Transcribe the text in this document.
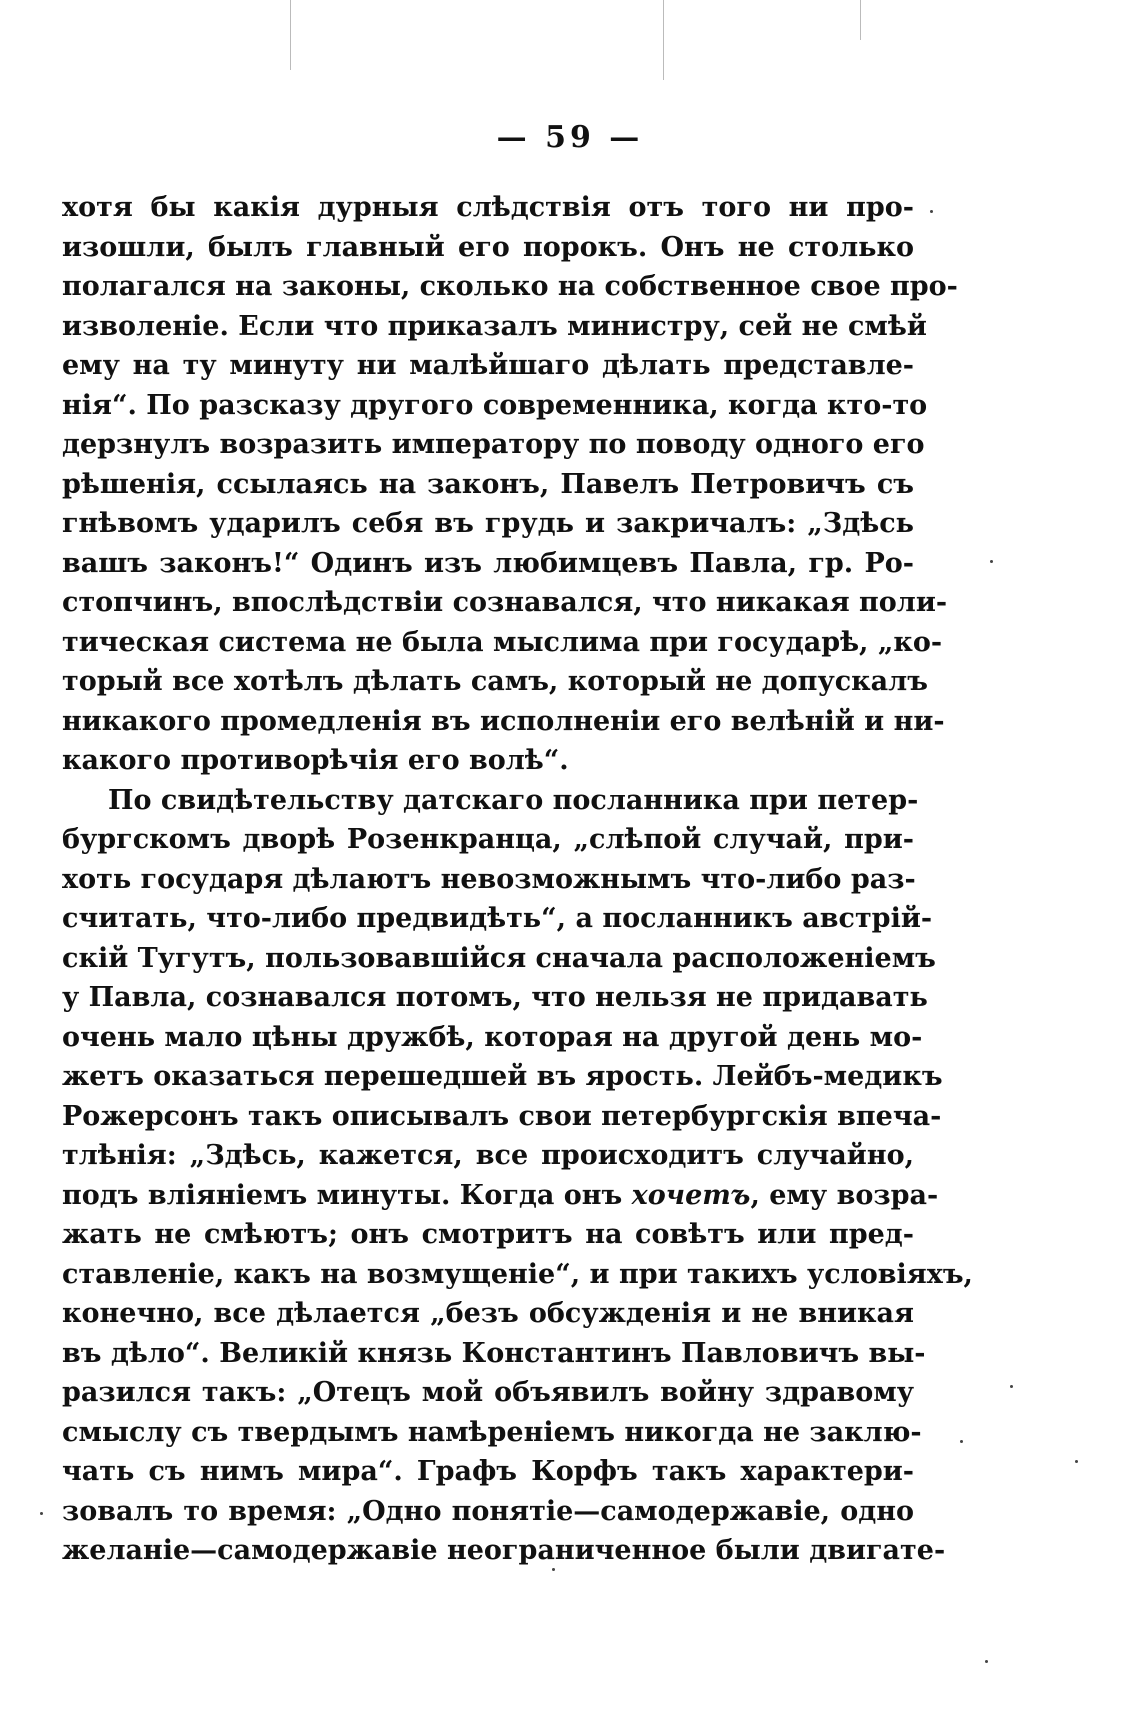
— 59 —
хотя бы какія дурныя слѣдствія отъ того ни про-
изошли, былъ главный его порокъ. Онъ не столько
полагался на законы, сколько на собственное свое про-
изволеніе. Если что приказалъ министру, сей не смѣй
ему на ту минуту ни малѣйшаго дѣлать представле-
нія“. По разсказу другого современника, когда кто-то
дерзнулъ возразить императору по поводу одного его
рѣшенія, ссылаясь на законъ, Павелъ Петровичъ съ
гнѣвомъ ударилъ себя въ грудь и закричалъ: „Здѣсь
вашъ законъ!“ Одинъ изъ любимцевъ Павла, гр. Ро-
стопчинъ, впослѣдствіи сознавался, что никакая поли-
тическая система не была мыслима при государѣ, „ко-
торый все хотѣлъ дѣлать самъ, который не допускалъ
никакого промедленія въ исполненіи его велѣній и ни-
какого противорѣчія его волѣ“.
По свидѣтельству датскаго посланника при петер-
бургскомъ дворѣ Розенкранца, „слѣпой случай, при-
хоть государя дѣлаютъ невозможнымъ что-либо раз-
считать, что-либо предвидѣть“, а посланникъ австрій-
скій Тугутъ, пользовавшійся сначала расположеніемъ
у Павла, сознавался потомъ, что нельзя не придавать
очень мало цѣны дружбѣ, которая на другой день мо-
жетъ оказаться перешедшей въ ярость. Лейбъ-медикъ
Рожерсонъ такъ описывалъ свои петербургскія впеча-
тлѣнія: „Здѣсь, кажется, все происходитъ случайно,
подъ вліяніемъ минуты. Когда онъ хочетъ, ему возра-
жать не смѣютъ; онъ смотритъ на совѣтъ или пред-
ставленіе, какъ на возмущеніе“, и при такихъ условіяхъ,
конечно, все дѣлается „безъ обсужденія и не вникая
въ дѣло“. Великій князь Константинъ Павловичъ вы-
разился такъ: „Отецъ мой объявилъ войну здравому
смыслу съ твердымъ намѣреніемъ никогда не заклю-
чать съ нимъ мира“. Графъ Корфъ такъ характери-
зовалъ то время: „Одно понятіе—самодержавіе, одно
желаніе—самодержавіе неограниченное были двигате-
